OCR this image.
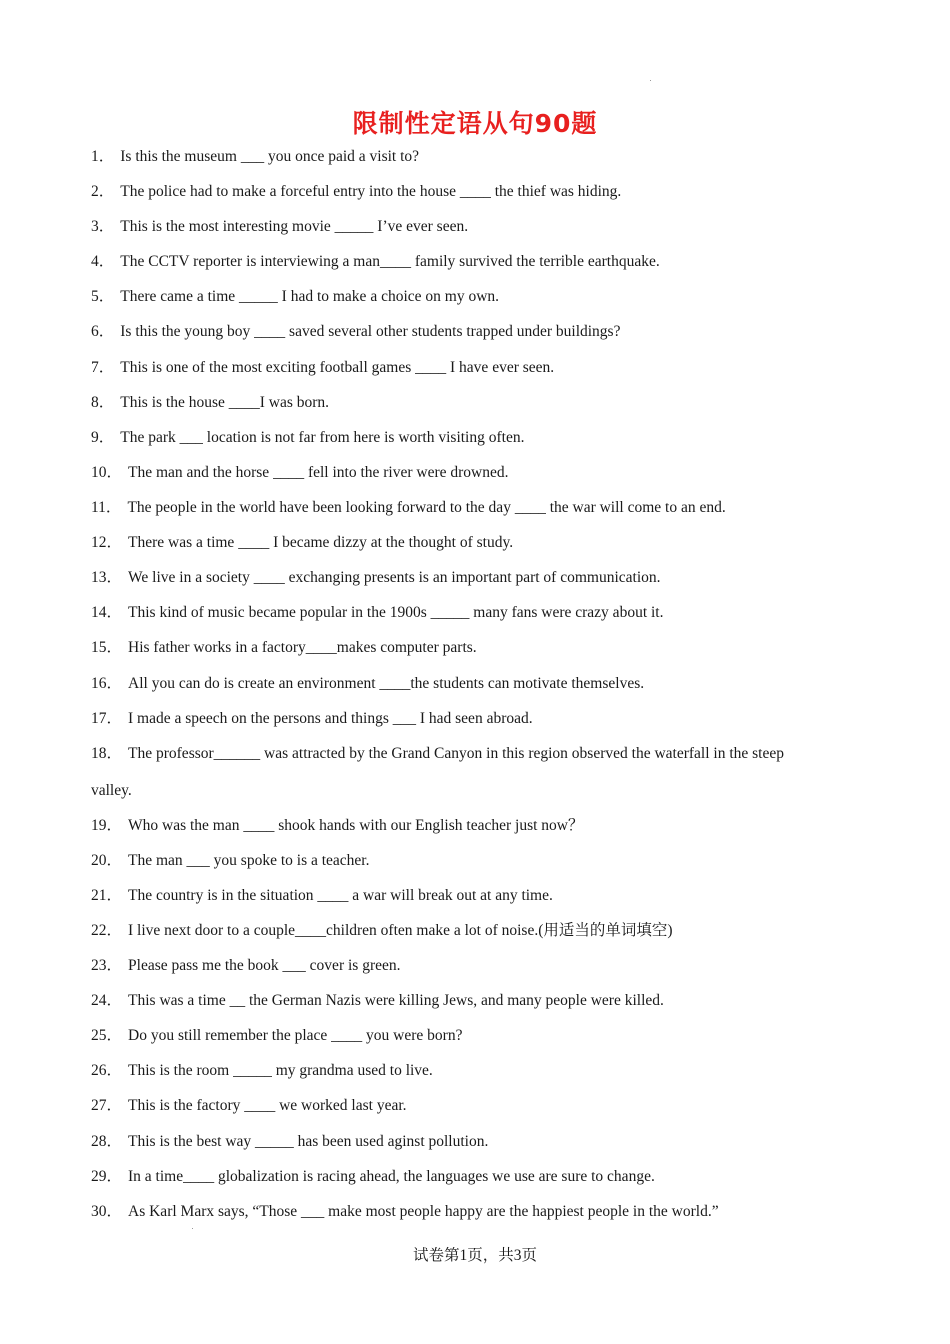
限制性定语从句90题
1． Is this the museum ___ you once paid a visit to?
2． The police had to make a forceful entry into the house ____ the thief was hiding.
3． This is the most interesting movie _____ I’ve ever seen.
4． The CCTV reporter is interviewing a man____ family survived the terrible earthquake.
5． There came a time _____ I had to make a choice on my own.
6． Is this the young boy ____ saved several other students trapped under buildings?
7． This is one of the most exciting football games ____ I have ever seen.
8． This is the house ____I was born.
9． The park ___ location is not far from here is worth visiting often.
10． The man and the horse ____ fell into the river were drowned.
11． The people in the world have been looking forward to the day ____ the war will come to an end.
12． There was a time ____ I became dizzy at the thought of study.
13． We live in a society ____ exchanging presents is an important part of communication.
14． This kind of music became popular in the 1900s _____ many fans were crazy about it.
15． His father works in a factory____makes computer parts.
16． All you can do is create an environment ____the students can motivate themselves.
17． I made a speech on the persons and things ___ I had seen abroad.
18． The professor______ was attracted by the Grand Canyon in this region observed the waterfall in the steep
valley.
19． Who was the man ____ shook hands with our English teacher just now？
20． The man ___ you spoke to is a teacher.
21． The country is in the situation ____ a war will break out at any time.
22． I live next door to a couple____children often make a lot of noise.(用适当的单词填空)
23． Please pass me the book ___ cover is green.
24． This was a time __ the German Nazis were killing Jews, and many people were killed.
25． Do you still remember the place ____ you were born?
26． This is the room _____ my grandma used to live.
27． This is the factory ____ we worked last year.
28． This is the best way _____ has been used aginst pollution.
29． In a time____ globalization is racing ahead, the languages we use are sure to change.
30． As Karl Marx says, “Those ___ make most people happy are the happiest people in the world.”
试卷第1页，共3页
